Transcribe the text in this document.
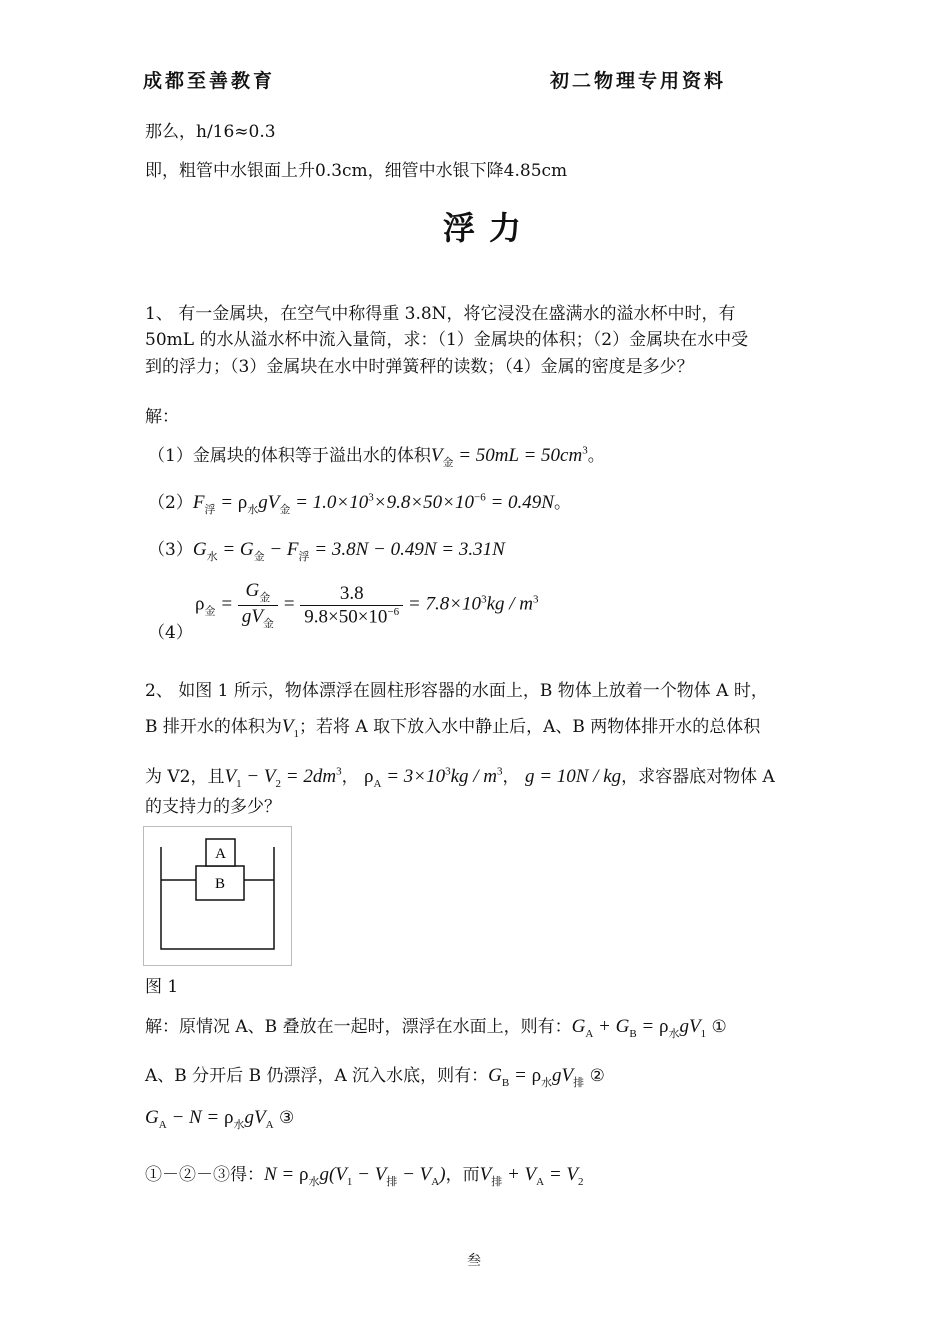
成都至善教育	初二物理专用资料
那么，h/16≈0.3
即，粗管中水银面上升0.3cm，细管中水银下降4.85cm
浮力
1、 有一金属块，在空气中称得重 3.8N，将它浸没在盛满水的溢水杯中时，有
50mL 的水从溢水杯中流入量筒，求：（1）金属块的体积；（2）金属块在水中受
到的浮力；（3）金属块在水中时弹簧秤的读数；（4）金属的密度是多少？
解：
（1）金属块的体积等于溢出水的体积$V_金 = 50mL = 50cm^3$。
$(2)F_浮 = \rho_水gV_金 = 1.0\times 10^3\times 9.8\times 50\times 10^{-6} = 0.49N$。
$(3)G_水 = G_金 - F_浮 = 3.8N - 0.49N = 3.31N$
（4）
$\rho_金 = \frac{G_金}{gV_金} = \frac{3.8}{9.8\times 50\times 10^{-6}} = 7.8\times 10^3kg / m^3$
2、 如图 1 所示，物体漂浮在圆柱形容器的水面上，B 物体上放着一个物体 A 时，
B 排开水的体积为$V_1$；若将 A 取下放入水中静止后，A、B 两物体排开水的总体积
为 V2，且$V_1 - V_2 = 2dm^3$， $\rho_A = 3\times 10^3kg / m^3$， g = 10N / kg，求容器底对物体 A
的支持力的多少？
A
B
图 1
解：原情况 A、B 叠放在一起时，漂浮在水面上，则有：$G_A + G_B = \rho_水gV_1$ ①
A、B 分开后 B 仍漂浮，A 沉入水底，则有：$G_B = \rho_水gV_排$ ②
$G_A - N = \rho_水gV_A$ ③
①－②－③得：$N = \rho_水g(V_1 - V_排 - V_A)$，而$V_排 + V_A = V_2$
叁
